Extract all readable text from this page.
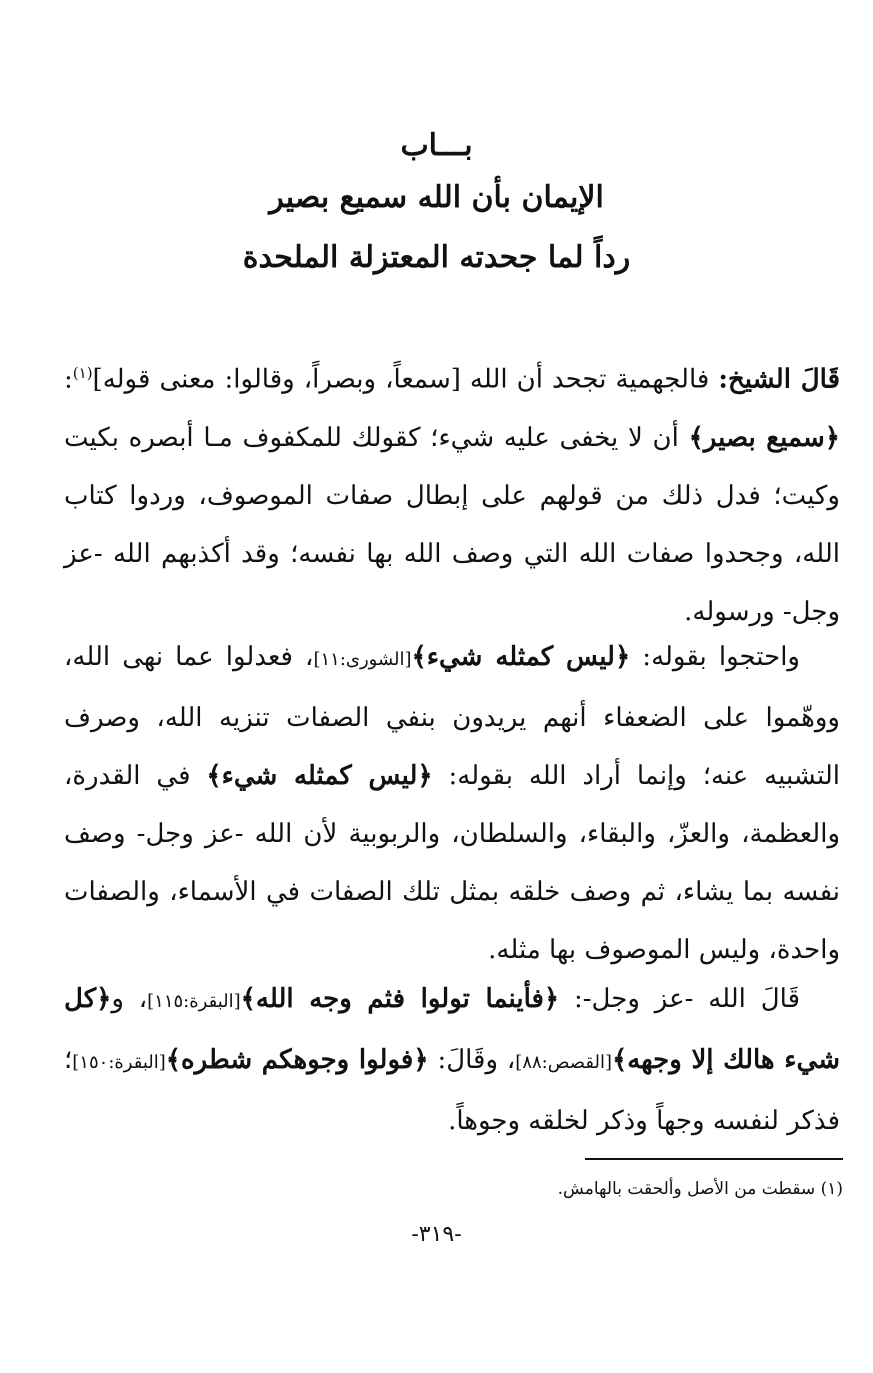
بـــاب
الإيمان بأن الله سميع بصير
رداً لما جحدته المعتزلة الملحدة

قَالَ الشيخ: فالجهمية تجحد أن الله [سمعاً، وبصراً، وقالوا: معنى قوله]$^{(١)}$: ﴿سميع بصير﴾ أن لا يخفى عليه شيء؛ كقولك للمكفوف مـا أبصره بكيت وكيت؛ فدل ذلك من قولهم على إبطال صفات الموصوف، وردوا كتاب الله، وجحدوا صفات الله التي وصف الله بها نفسه؛ وقد أكذبهم الله -عز وجل- ورسوله.

واحتجوا بقوله: ﴿ليس كمثله شيء﴾[الشورى:١١]، فعدلوا عما نهى الله، ووهّموا على الضعفاء أنهم يريدون بنفي الصفات تنزيه الله، وصرف التشبيه عنه؛ وإنما أراد الله بقوله: ﴿ليس كمثله شيء﴾ في القدرة، والعظمة، والعزّ، والبقاء، والسلطان، والربوبية لأن الله -عز وجل- وصف نفسه بما يشاء، ثم وصف خلقه بمثل تلك الصفات في الأسماء، والصفات واحدة، وليس الموصوف بها مثله.

قَالَ الله -عز وجل-: ﴿فأينما تولوا فثم وجه الله﴾[البقرة:١١٥]، و﴿كل شيء هالك إلا وجهه﴾[القصص:٨٨]، وقَالَ: ﴿فولوا وجوهكم شطره﴾[البقرة:١٥٠]؛ فذكر لنفسه وجهاً وذكر لخلقه وجوهاً.

(١) سقطت من الأصل وألحقت بالهامش.
-٣١٩-
